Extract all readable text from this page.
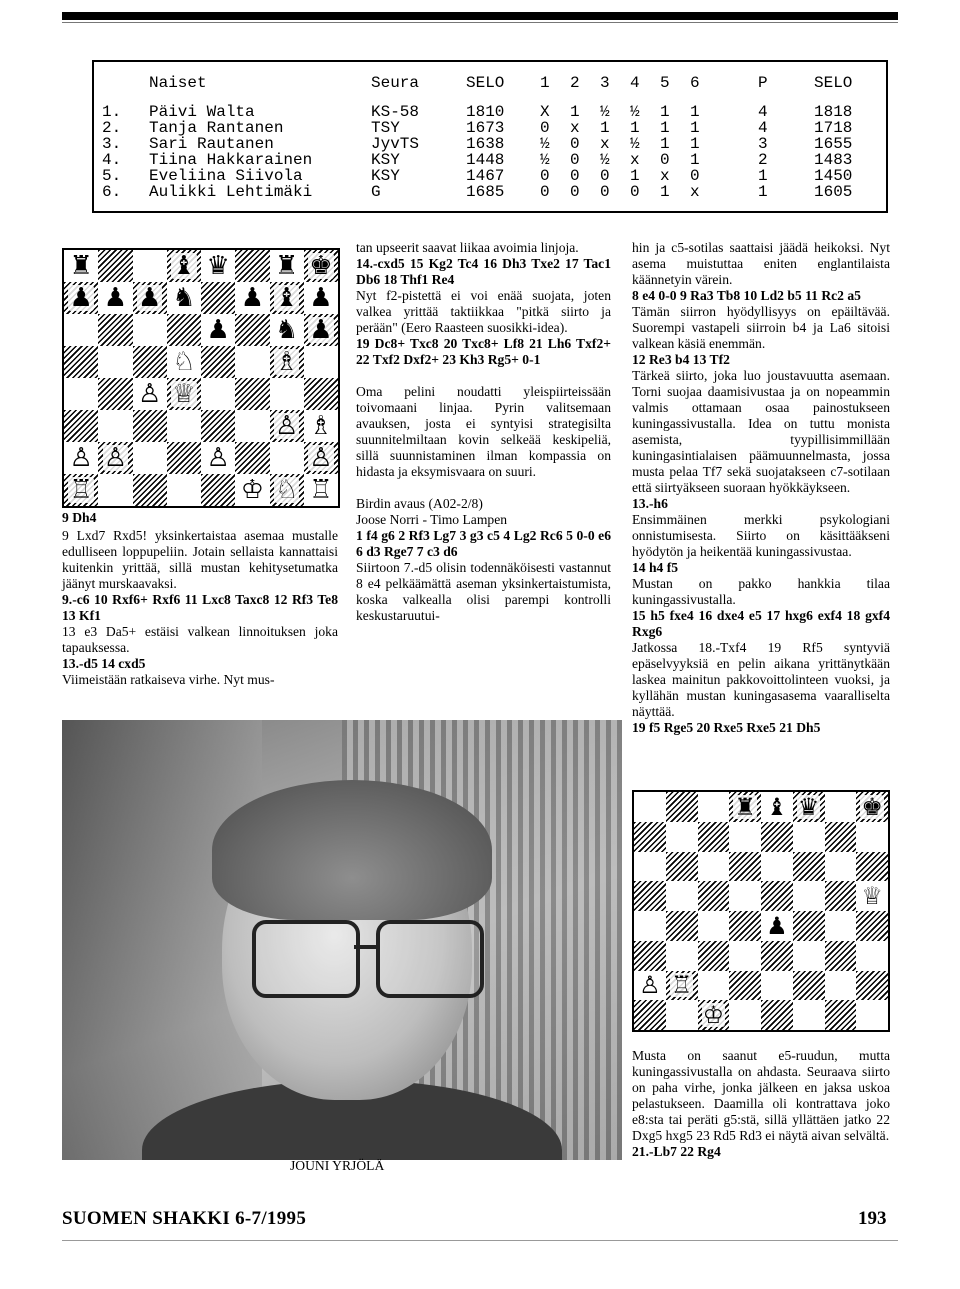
Naiset	Seura	SELO 1 2 3 4 5 6	P	SELO
1. Päivi Walta	KS-58	1810 X 1 ½ ½ 1 1	4	1818
2. Tanja Rantanen	TSY	1673 0 x 1 1 1 1	4	1718
3. Sari Rautanen	JyvTS	1638 ½ 0 x ½ 1 1	3	1655
4. Tiina Hakkarainen	KSY	1448 ½ 0 ½ x 0 1	2	1483
5. Eveliina Siivola	KSY	1467 0 0 0 1 x 0	1	1450
6. Aulikki Lehtimäki	G	1685 0 0 0 0 1 x	1	1605
♜	♝ ♛ ♜ ♚
♟ ♟ ♟ ♞ ♟ ♝ ♟
♟ ♞ ♟
♘	♗
♙ ♕
♙ ♗
♙ ♙	♙	♙
♖	♔ ♘ ♖
9 Dh4

9 Lxd7 Rxd5! yksinkertaistaa asemaa mustalle edulliseen loppupeliin. Jotain sellaista kannattaisi kuitenkin yrittää, sillä mustan kehitysetumatka jäänyt murskaavaksi.

9.-c6 10 Rxf6+ Rxf6 11 Lxc8 Taxc8 12 Rf3 Te8 13 Kf1

13 e3 Da5+ estäisi valkean linnoituksen joka tapauksessa.

13.-d5 14 cxd5

Viimeistään ratkaiseva virhe. Nyt mus-

tan upseerit saavat liikaa avoimia linjoja.

14.-cxd5 15 Kg2 Tc4 16 Dh3 Txe2 17 Tac1 Db6 18 Thf1 Re4

Nyt f2-pistettä ei voi enää suojata, joten valkea yrittää taktiikkaa "pitkä siirto ja perään" (Eero Raasteen suosikki-idea).

19 Dc8+ Txc8 20 Txc8+ Lf8 21 Lh6 Txf2+ 22 Txf2 Dxf2+ 23 Kh3 Rg5+ 0-1

Oma pelini noudatti yleispiirteissään toivomaani linjaa. Pyrin valitsemaan avauksen, josta ei syntyisi strategisilta suunnitelmiltaan kovin selkeää keskipeliä, sillä suunnistaminen ilman kompassia on hidasta ja eksymisvaara on suuri.

Birdin avaus (A02-2/8)

Joose Norri - Timo Lampen

1 f4 g6 2 Rf3 Lg7 3 g3 c5 4 Lg2 Rc6 5 0-0 e6 6 d3 Rge7 7 c3 d6

Siirtoon 7.-d5 olisin todennäköisesti vastannut 8 e4 pelkäämättä aseman yksinkertaistumista, koska valkealla olisi parempi kontrolli keskustaruutui-

hin ja c5-sotilas saattaisi jäädä heikoksi. Nyt asema muistuttaa eniten englantilaista käännetyin värein.

8 e4 0-0 9 Ra3 Tb8 10 Ld2 b5 11 Rc2 a5

Tämän siirron hyödyllisyys on epäiltävää. Suorempi vastapeli siirroin b4 ja La6 sitoisi valkean käsiä enemmän.

12 Re3 b4 13 Tf2

Tärkeä siirto, joka luo joustavuutta asemaan. Torni suojaa daamisivustaa ja on nopeammin valmis ottamaan osaa painostukseen kuningassivustalla. Idea on tuttu monista asemista, tyypillisimmillään kuningasintialaisen päämuunnelmasta, jossa musta pelaa Tf7 sekä suojatakseen c7-sotilaan että siirtyäkseen suoraan hyökkäykseen.

13.-h6

Ensimmäinen merkki psykologiani onnistumisesta. Siirto on käsittääkseni hyödytön ja heikentää kuningassivustaa.

14 h4 f5

Mustan on pakko hankkia tilaa kuningassivustalla.

15 h5 fxe4 16 dxe4 e5 17 hxg6 exf4 18 gxf4 Rxg6

Jatkossa 18.-Txf4 19 Rf5 syntyviä epäselvyyksiä en pelin aikana yrittänytkään laskea mainitun pakkovoittolinteen vuoksi, ja kyllähän mustan kuningasasema vaaralliselta näyttää.

19 f5 Rge5 20 Rxe5 Rxe5 21 Dh5

♜ ♝ ♛ ♚
♕
♟
♙ ♖
♔

Musta on saanut e5-ruudun, mutta kuningassivustalla on ahdasta. Seuraava siirto on paha virhe, jonka jälkeen en jaksa uskoa pelastukseen. Daamilla oli kontrattava joko e8:sta tai peräti g5:stä, sillä yllättäen jatko 22 Dxg5 hxg5 23 Rd5 Rd3 ei näytä aivan selvältä.

21.-Lb7 22 Rg4

JOUNI YRJÖLÄ
SUOMEN SHAKKI 6-7/1995	193
